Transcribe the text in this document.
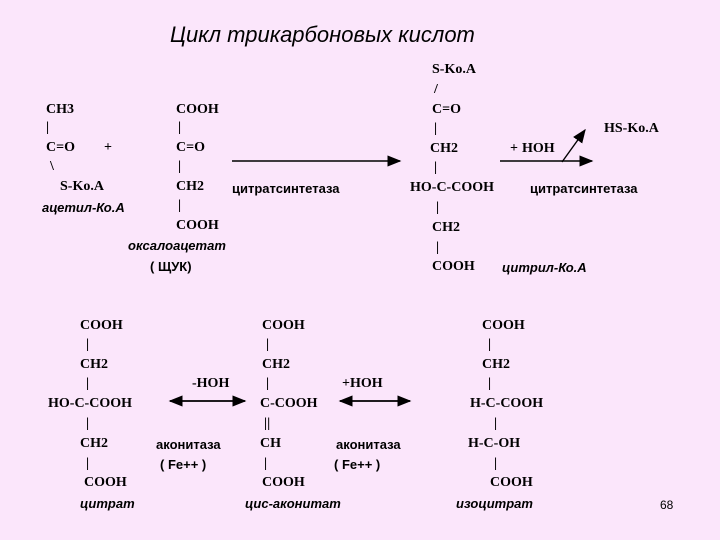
Цикл трикарбоновых кислот
CH3
|
C=O
\
S-Ko.A
ацетил-Ко.А
+
COOH
|
C=O
|
CH2
|
COOH
оксалоацетат
( ЩУК)
цитратсинтетаза
S-Ko.A
/
C=O
|
CH2
|
HO-C-COOH
|
CH2
|
COOH цитрил-Ко.А
+ HOH
HS-Ko.A
цитратсинтетаза
COOH
|
CH2
|
HO-C-COOH
|
CH2
|
COOH
цитрат
-HOH
аконитаза
( Fe++ )
COOH
|
CH2
|
C-COOH
||
CH
|
COOH
цис-аконитат
+HOH
аконитаза
( Fe++ )
COOH
|
CH2
|
H-C-COOH
|
H-C-OH
|
COOH
изоцитрат	68
